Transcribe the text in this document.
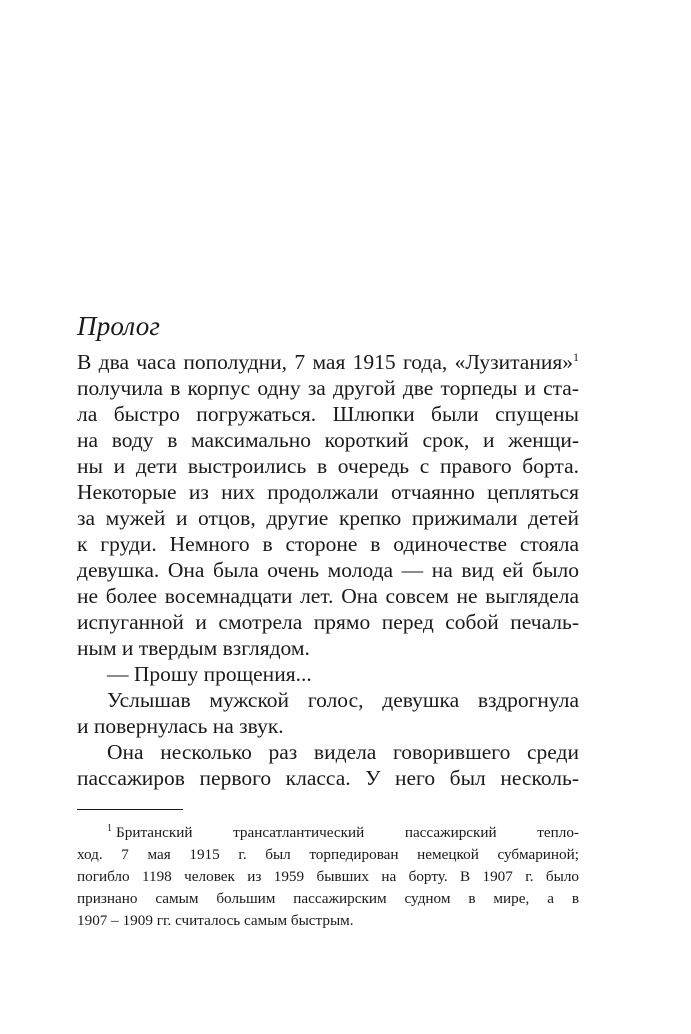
Пролог
В два часа пополудни, 7 мая 1915 года, «Лузитания»$^1$
получила в корпус одну за другой две торпеды и ста-
ла быстро погружаться. Шлюпки были спущены
на воду в максимально короткий срок, и женщи-
ны и дети выстроились в очередь с правого борта.
Некоторые из них продолжали отчаянно цепляться
за мужей и отцов, другие крепко прижимали детей
к груди. Немного в стороне в одиночестве стояла
девушка. Она была очень молода — на вид ей было
не более восемнадцати лет. Она совсем не выглядела
испуганной и смотрела прямо перед собой печаль-
ным и твердым взглядом.
— Прошу прощения...
Услышав мужской голос, девушка вздрогнула
и повернулась на звук.
Она несколько раз видела говорившего среди
пассажиров первого класса. У него был несколь-
$^1$ Британский трансатлантический пассажирский тепло-
ход. 7 мая 1915 г. был торпедирован немецкой субмариной;
погибло 1198 человек из 1959 бывших на борту. В 1907 г. было
признано самым большим пассажирским судном в мире, а в
1907 – 1909 гг. считалось самым быстрым.
